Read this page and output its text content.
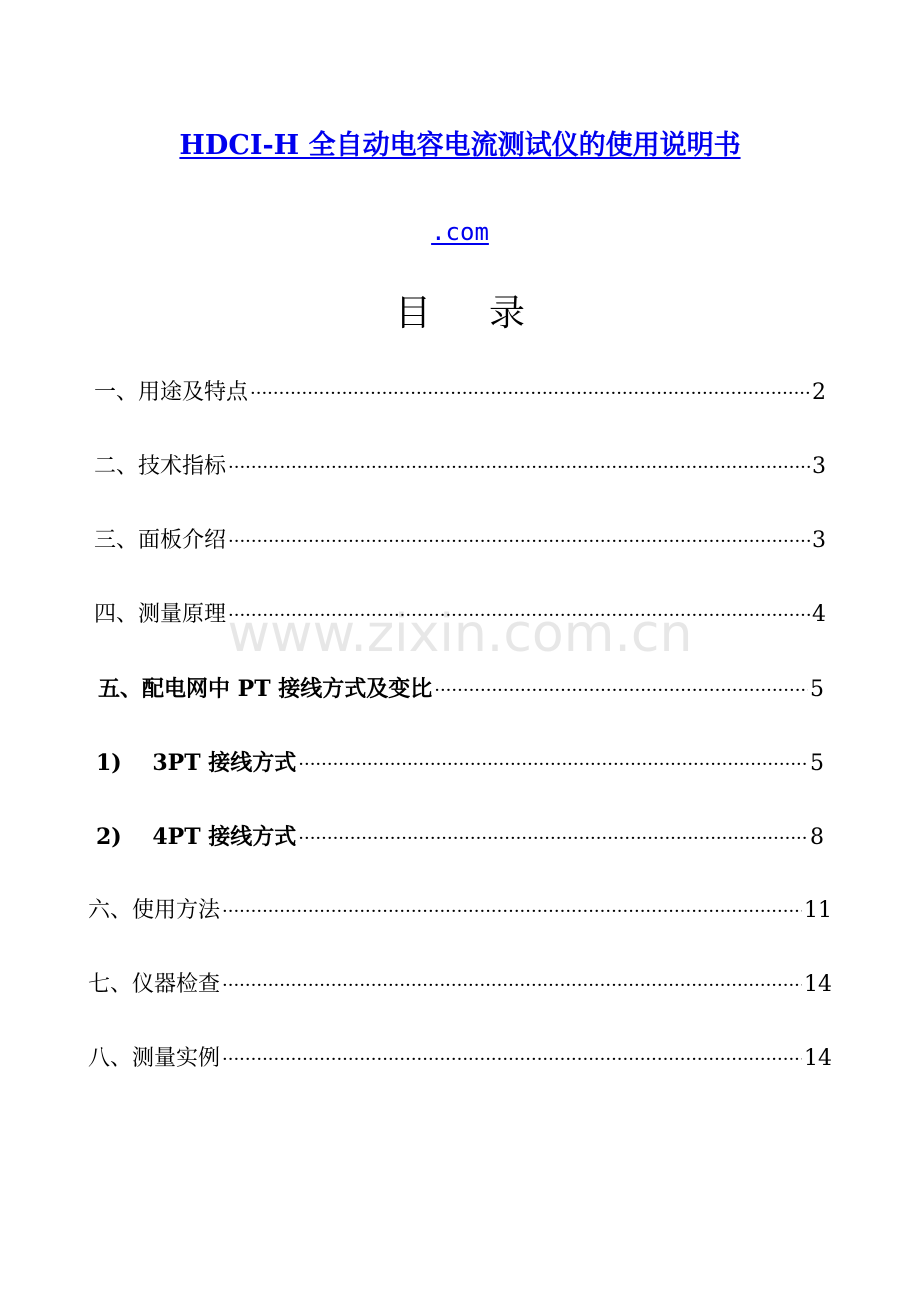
HDCI-H 全自动电容电流测试仪的使用说明书
.com
目 录
www.zixin.com.cn
一、用途及特点 ·····	2
二、技术指标 ·····	3
三、面板介绍 ·····	3
四、测量原理 ·····	4
五、配电网中 PT 接线方式及变比 ·····	5
1)    3PT 接线方式 ·····	5
2)    4PT 接线方式 ·····	8
六、使用方法 ·····	11
七、仪器检查 ·····	14
八、测量实例 ·····	14
